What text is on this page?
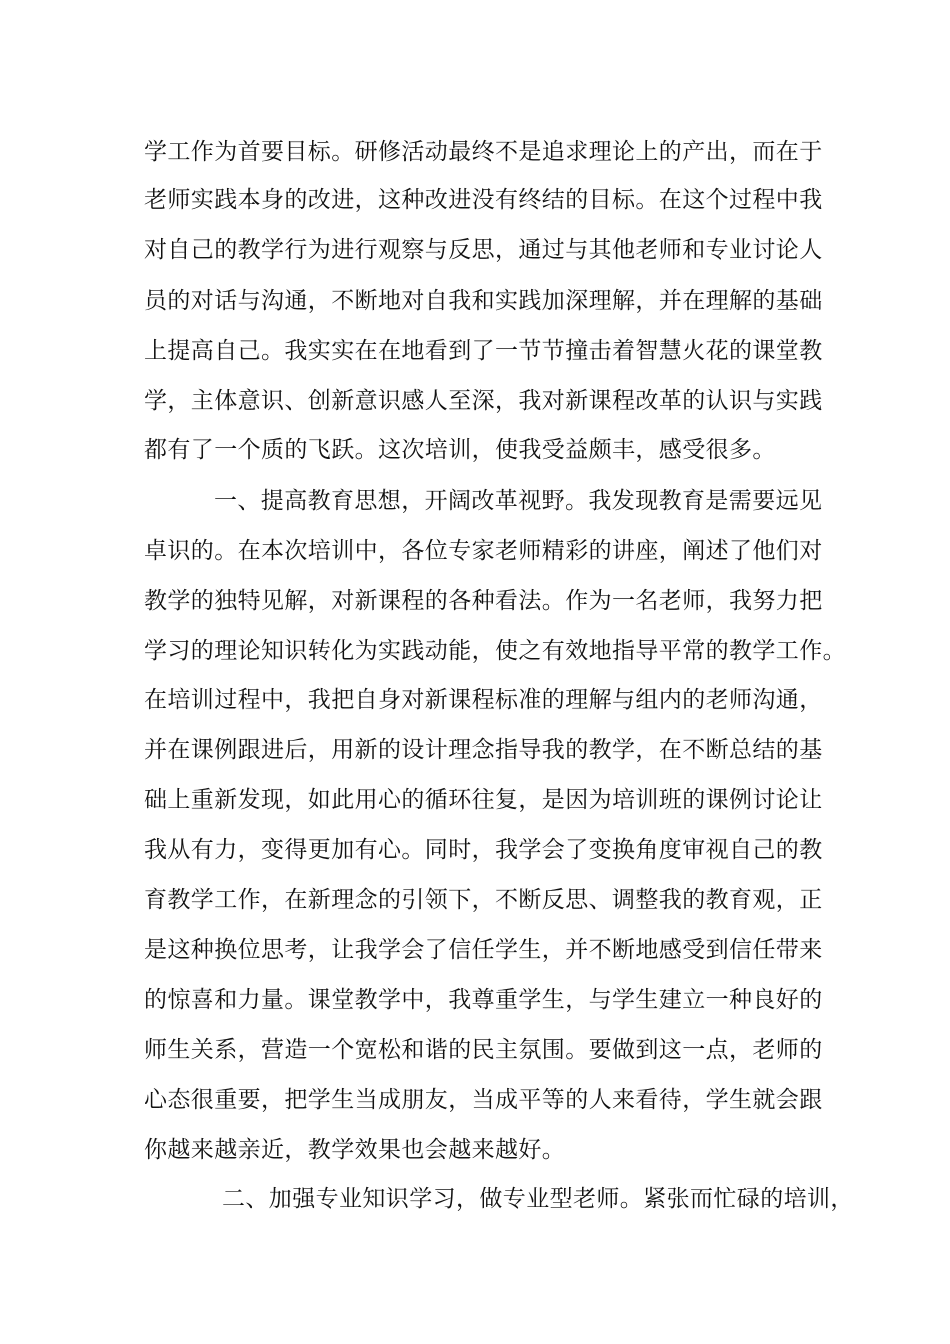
学工作为首要目标。研修活动最终不是追求理论上的产出，而在于
老师实践本身的改进，这种改进没有终结的目标。在这个过程中我
对自己的教学行为进行观察与反思，通过与其他老师和专业讨论人
员的对话与沟通，不断地对自我和实践加深理解，并在理解的基础
上提高自己。我实实在在地看到了一节节撞击着智慧火花的课堂教
学，主体意识、创新意识感人至深，我对新课程改革的认识与实践
都有了一个质的飞跃。这次培训，使我受益颇丰，感受很多。
一、提高教育思想，开阔改革视野。我发现教育是需要远见
卓识的。在本次培训中，各位专家老师精彩的讲座，阐述了他们对
教学的独特见解，对新课程的各种看法。作为一名老师，我努力把
学习的理论知识转化为实践动能，使之有效地指导平常的教学工作。
在培训过程中，我把自身对新课程标准的理解与组内的老师沟通，
并在课例跟进后，用新的设计理念指导我的教学，在不断总结的基
础上重新发现，如此用心的循环往复，是因为培训班的课例讨论让
我从有力，变得更加有心。同时，我学会了变换角度审视自己的教
育教学工作，在新理念的引领下，不断反思、调整我的教育观，正
是这种换位思考，让我学会了信任学生，并不断地感受到信任带来
的惊喜和力量。课堂教学中，我尊重学生，与学生建立一种良好的
师生关系，营造一个宽松和谐的民主氛围。要做到这一点，老师的
心态很重要，把学生当成朋友，当成平等的人来看待，学生就会跟
你越来越亲近，教学效果也会越来越好。
二、加强专业知识学习，做专业型老师。紧张而忙碌的培训，
